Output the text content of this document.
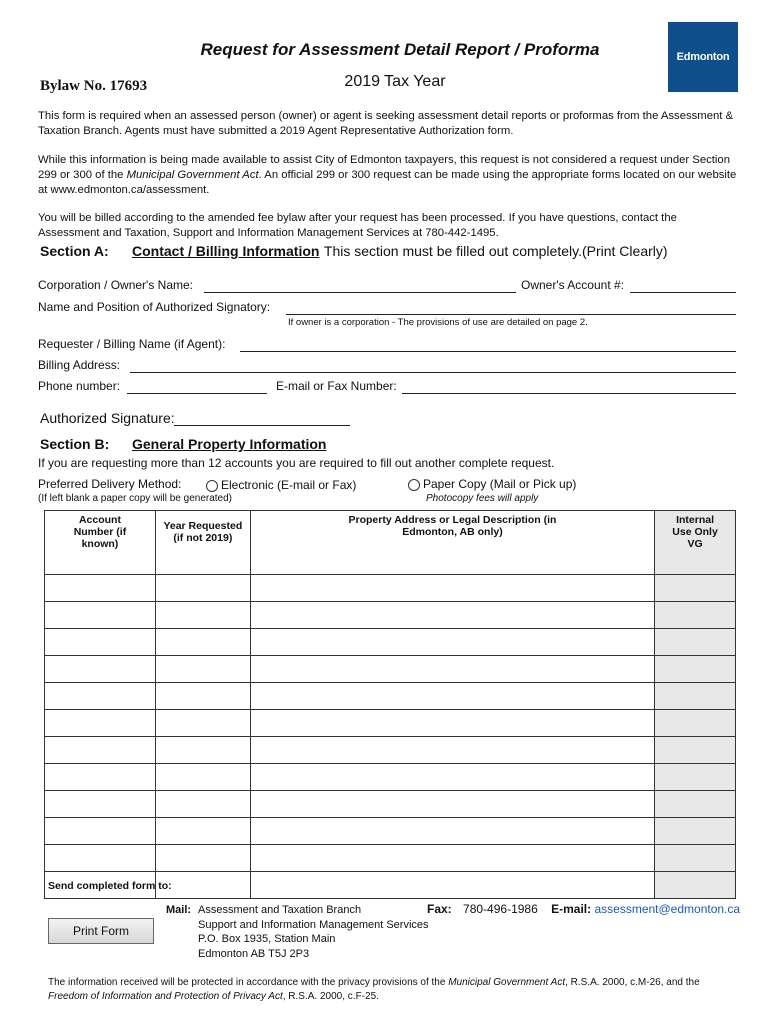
Request for Assessment Detail Report / Proforma
Bylaw No. 17693	2019 Tax Year
Edmonton
This form is required when an assessed person (owner) or agent is seeking assessment detail reports or proformas from the Assessment & Taxation Branch. Agents must have submitted a 2019 Agent Representative Authorization form.
While this information is being made available to assist City of Edmonton taxpayers, this request is not considered a request under Section 299 or 300 of the Municipal Government Act. An official 299 or 300 request can be made using the appropriate forms located on our website at www.edmonton.ca/assessment.
You will be billed according to the amended fee bylaw after your request has been processed. If you have questions, contact the Assessment and Taxation, Support and Information Management Services at 780-442-1495.
Section A: Contact / Billing Information This section must be filled out completely.(Print Clearly)
Corporation / Owner's Name:	Owner's Account #:
Name and Position of Authorized Signatory:
If owner is a corporation - The provisions of use are detailed on page 2.
Requester / Billing Name (if Agent):
Billing Address:
Phone number:	E-mail or Fax Number:
Authorized Signature:
Section B: General Property Information
If you are requesting more than 12 accounts you are required to fill out another complete request.
Preferred Delivery Method:	Electronic (E-mail or Fax)	Paper Copy (Mail or Pick up)
(If left blank a paper copy will be generated)	Photocopy fees will apply
Account Number (if known)	Year Requested (if not 2019)	Property Address or Legal Description (in Edmonton, AB only)	Internal Use Only VG

Send completed form to:
Mail: Assessment and Taxation Branch
Support and Information Management Services
P.O. Box 1935, Station Main
Edmonton AB T5J 2P3
Fax: 780-496-1986 E-mail: assessment@edmonton.ca
Print Form
The information received will be protected in accordance with the privacy provisions of the Municipal Government Act, R.S.A. 2000, c.M-26, and the Freedom of Information and Protection of Privacy Act, R.S.A. 2000, c.F-25.
